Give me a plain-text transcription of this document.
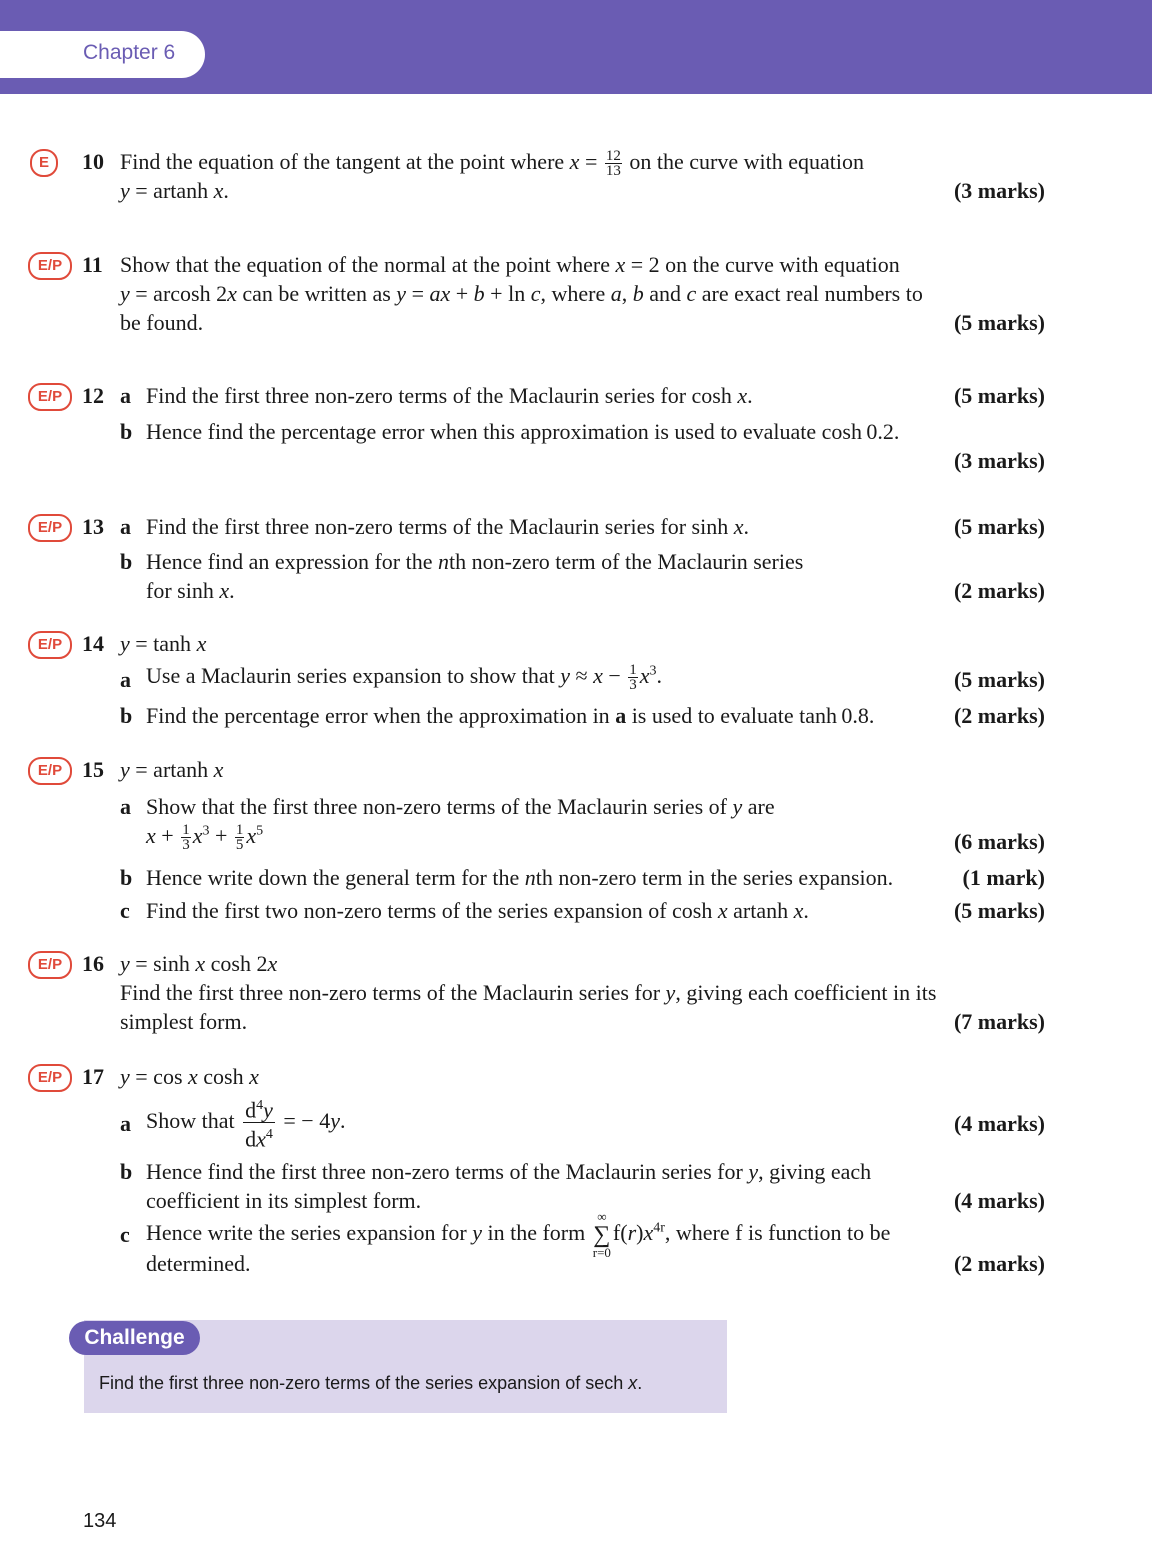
Chapter 6
E	10 Find the equation of the tangent at the point where $x = \frac{12}{13}$ on the curve with equation
y = artanh x.	(3 marks)
E/P 11 Show that the equation of the normal at the point where x = 2 on the curve with equation
y = arcosh 2x can be written as y = ax + b + ln c, where a, b and c are exact real numbers to
be found.	(5 marks)
E/P 12 a Find the first three non-zero terms of the Maclaurin series for cosh x.	(5 marks)
b Hence find the percentage error when this approximation is used to evaluate cosh 0.2.
(3 marks)
E/P 13 a Find the first three non-zero terms of the Maclaurin series for sinh x.	(5 marks)
b Hence find an expression for the nth non-zero term of the Maclaurin series
for sinh x.	(2 marks)
E/P 14 y = tanh x
a Use a Maclaurin series expansion to show that $y \approx x - \frac{1}{3} x^3$.	(5 marks)
b Find the percentage error when the approximation in a is used to evaluate tanh 0.8.	(2 marks)
E/P 15 y = artanh x
a Show that the first three non-zero terms of the Maclaurin series of y are
$x + \frac{1}{3} x^3 + \frac{1}{5} x^5$	(6 marks)
b Hence write down the general term for the nth non-zero term in the series expansion.	(1 mark)
c Find the first two non-zero terms of the series expansion of cosh x artanh x.	(5 marks)
E/P 16 y = sinh x cosh 2x
Find the first three non-zero terms of the Maclaurin series for y, giving each coefficient in its
simplest form.	(7 marks)
E/P 17 y = cos x cosh x
a Show that $\frac{d^4y}{dx^4}$ = − 4y.	(4 marks)
b Hence find the first three non-zero terms of the Maclaurin series for y, giving each
coefficient in its simplest form.	(4 marks)
c Hence write the series expansion for y in the form
∞
∑
r=0
$f(r)x^{4r}$, where f is function to be
determined.	(2 marks)
Challenge
Find the first three non-zero terms of the series expansion of sech x.
134
